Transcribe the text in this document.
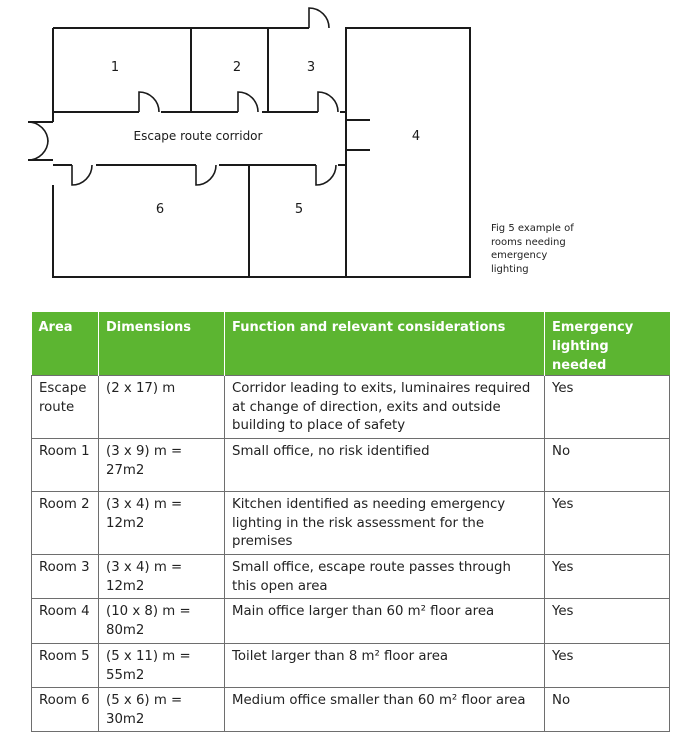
1	2	3
4
5
6
Escape route corridor
Fig 5 example of rooms needing emergency lighting
Area	Dimensions	Function and relevant considerations	Emergency lighting needed
Escape route	(2 x 17) m	Corridor leading to exits, luminaires required at change of direction, exits and outside building to place of safety	Yes
Room 1	(3 x 9) m = 27m2	Small office, no risk identified	No
Room 2	(3 x 4) m = 12m2	Kitchen identified as needing emergency lighting in the risk assessment for the premises	Yes
Room 3	(3 x 4) m = 12m2	Small office, escape route passes through this open area	Yes
Room 4	(10 x 8) m = 80m2	Main office larger than 60 m² floor area	Yes
Room 5	(5 x 11) m = 55m2	Toilet larger than 8 m² floor area	Yes
Room 6	(5 x 6) m = 30m2	Medium office smaller than 60 m² floor area	No
